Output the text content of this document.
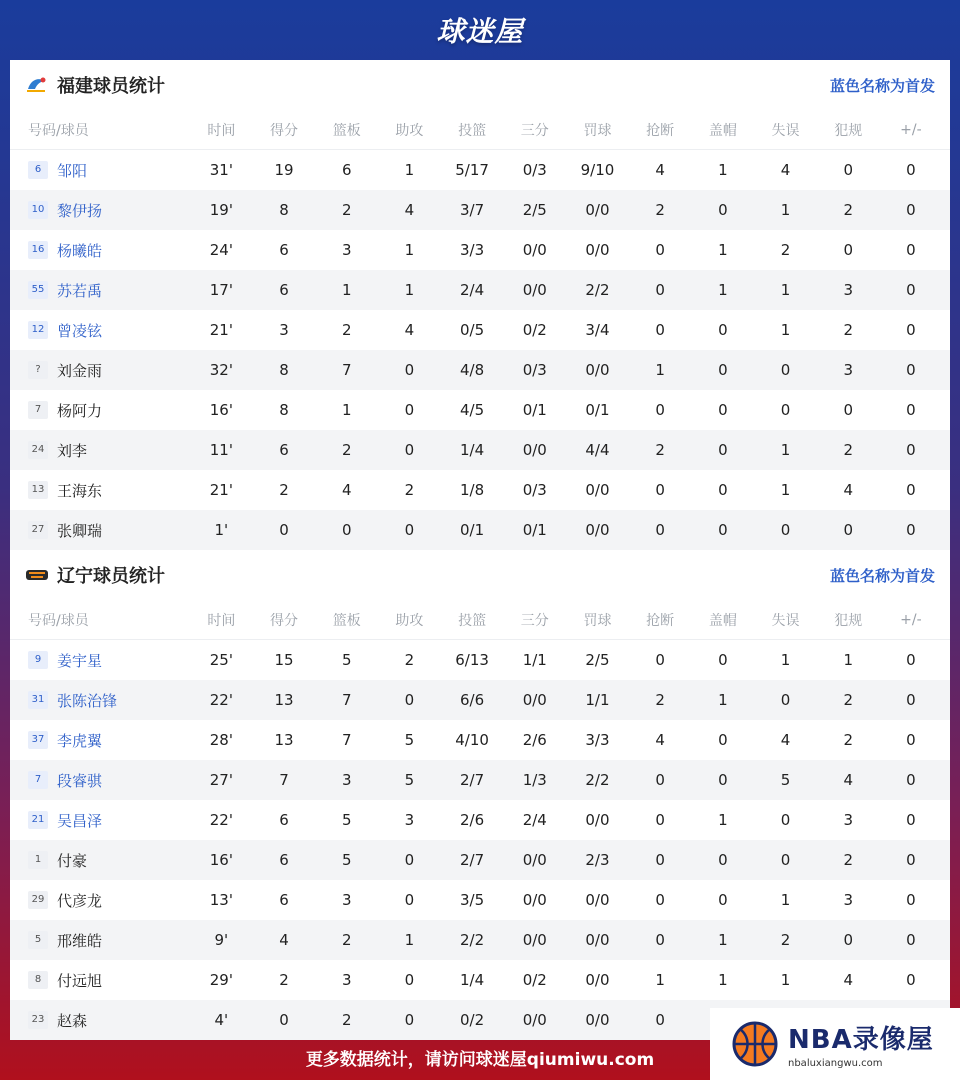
球迷屋
福建球员统计	蓝色名称为首发
号码/球员	时间	得分	篮板	助攻	投篮	三分	罚球	抢断	盖帽	失误	犯规	+/-
6	邹阳	31'	19	6	1	5/17	0/3	9/10	4	1	4	0	0
10 黎伊扬	19'	8	2	4	3/7	2/5	0/0	2	0	1	2	0
16 杨曦皓	24'	6	3	1	3/3	0/0	0/0	0	1	2	0	0
55 苏若禹	17'	6	1	1	2/4	0/0	2/2	0	1	1	3	0
12 曾凌铉	21'	3	2	4	0/5	0/2	3/4	0	0	1	2	0
?	刘金雨	32'	8	7	0	4/8	0/3	0/0	1	0	0	3	0
7	杨阿力	16'	8	1	0	4/5	0/1	0/1	0	0	0	0	0
24 刘李	11'	6	2	0	1/4	0/0	4/4	2	0	1	2	0
13 王海东	21'	2	4	2	1/8	0/3	0/0	0	0	1	4	0
27 张卿瑞	1'	0	0	0	0/1	0/1	0/0	0	0	0	0	0
辽宁球员统计	蓝色名称为首发
号码/球员	时间	得分	篮板	助攻	投篮	三分	罚球	抢断	盖帽	失误	犯规	+/-
9	姜宇星	25'	15	5	2	6/13	1/1	2/5	0	0	1	1	0
31 张陈治锋	22'	13	7	0	6/6	0/0	1/1	2	1	0	2	0
37 李虎翼	28'	13	7	5	4/10	2/6	3/3	4	0	4	2	0
7	段睿骐	27'	7	3	5	2/7	1/3	2/2	0	0	5	4	0
21 吴昌泽	22'	6	5	3	2/6	2/4	0/0	0	1	0	3	0
1	付豪	16'	6	5	0	2/7	0/0	2/3	0	0	0	2	0
29 代彦龙	13'	6	3	0	3/5	0/0	0/0	0	0	1	3	0
5	邢维皓	9'	4	2	1	2/2	0/0	0/0	0	1	2	0	0
8	付远旭	29'	2	3	0	1/4	0/2	0/0	1	1	1	4	0
23 赵森	4'	0	2	0	0/2	0/0	0/0	0
更多数据统计，请访问球迷屋qiumiwu.com
NBA录像屋
nbaluxiangwu.com
